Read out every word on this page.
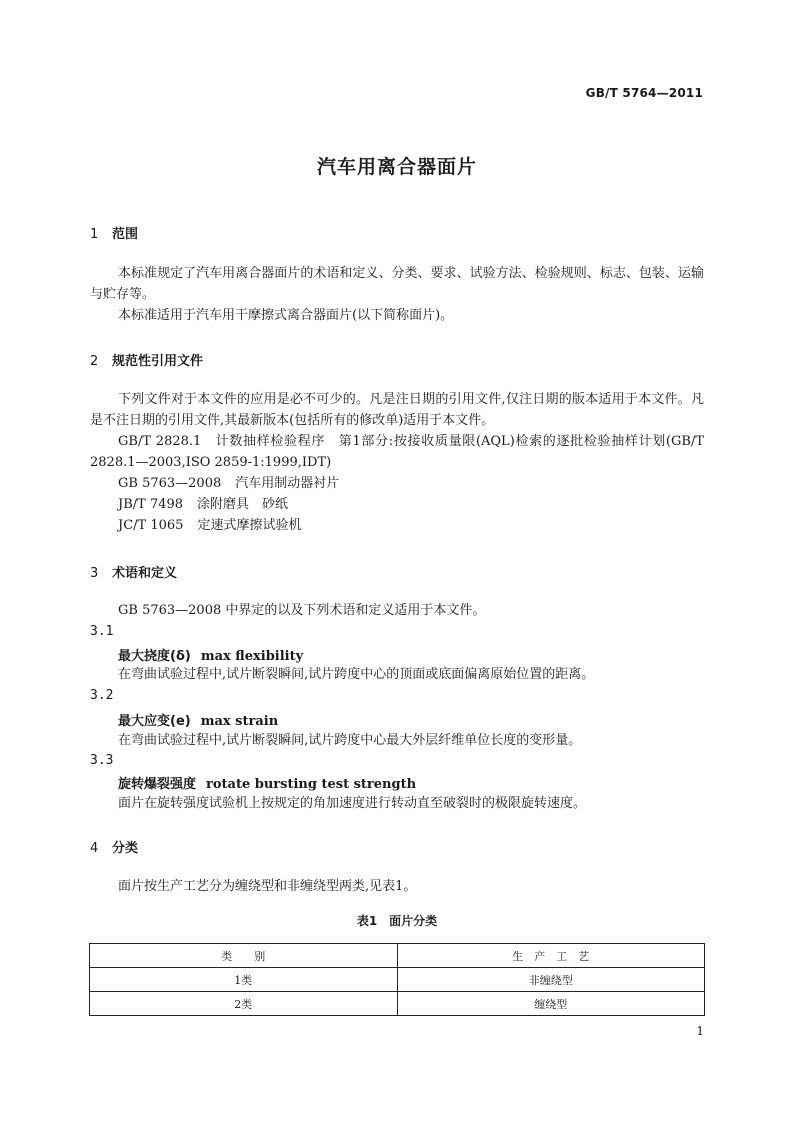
GB/T 5764—2011
汽车用离合器面片
1 范围
本标准规定了汽车用离合器面片的术语和定义、分类、要求、试验方法、检验规则、标志、包装、运输与贮存等。
本标准适用于汽车用干摩擦式离合器面片(以下简称面片)。
2 规范性引用文件
下列文件对于本文件的应用是必不可少的。凡是注日期的引用文件,仅注日期的版本适用于本文件。凡是不注日期的引用文件,其最新版本(包括所有的修改单)适用于本文件。
GB/T 2828.1　 计数抽样检验程序　第1部分:按接收质量限(AQL)检索的逐批检验抽样计划(GB/T 2828.1—2003,ISO 2859-1:1999,IDT)
GB 5763—2008 汽车用制动器衬片
JB/T 7498 涂附磨具　砂纸
JC/T 1065 定速式摩擦试验机
3 术语和定义
GB 5763—2008 中界定的以及下列术语和定义适用于本文件。
3.1
最大挠度(δ) max flexibility
在弯曲试验过程中,试片断裂瞬间,试片跨度中心的顶面或底面偏离原始位置的距离。
3.2
最大应变(e) max strain
在弯曲试验过程中,试片断裂瞬间,试片跨度中心最大外层纤维单位长度的变形量。
3.3
旋转爆裂强度 rotate bursting test strength
面片在旋转强度试验机上按规定的角加速度进行转动直至破裂时的极限旋转速度。
4 分类
面片按生产工艺分为缠绕型和非缠绕型两类,见表1。
表1　面片分类
类　　别	生　产　工　艺
1类	非缠绕型
2类	缠绕型
1
